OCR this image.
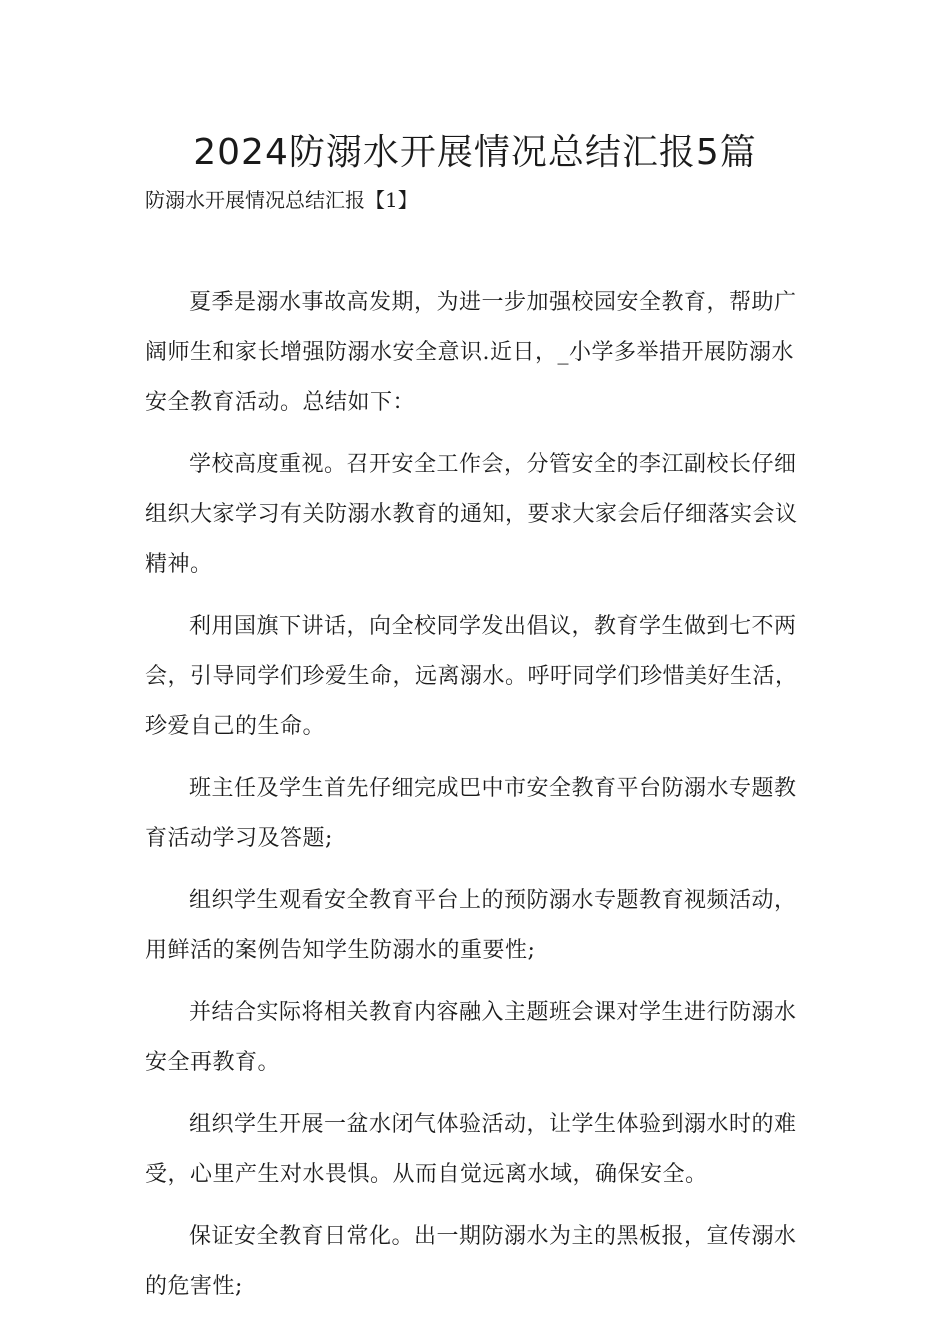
2024防溺水开展情况总结汇报5篇

防溺水开展情况总结汇报【1】

夏季是溺水事故高发期，为进一步加强校园安全教育，帮助广阔师生和家长增强防溺水安全意识.近日，_小学多举措开展防溺水安全教育活动。总结如下：

学校高度重视。召开安全工作会，分管安全的李江副校长仔细组织大家学习有关防溺水教育的通知，要求大家会后仔细落实会议精神。

利用国旗下讲话，向全校同学发出倡议，教育学生做到七不两会，引导同学们珍爱生命，远离溺水。呼吁同学们珍惜美好生活，珍爱自己的生命。

班主任及学生首先仔细完成巴中市安全教育平台防溺水专题教育活动学习及答题;

组织学生观看安全教育平台上的预防溺水专题教育视频活动，用鲜活的案例告知学生防溺水的重要性;

并结合实际将相关教育内容融入主题班会课对学生进行防溺水安全再教育。

组织学生开展一盆水闭气体验活动，让学生体验到溺水时的难受，心里产生对水畏惧。从而自觉远离水域，确保安全。

保证安全教育日常化。出一期防溺水为主的黑板报，宣传溺水的危害性;
